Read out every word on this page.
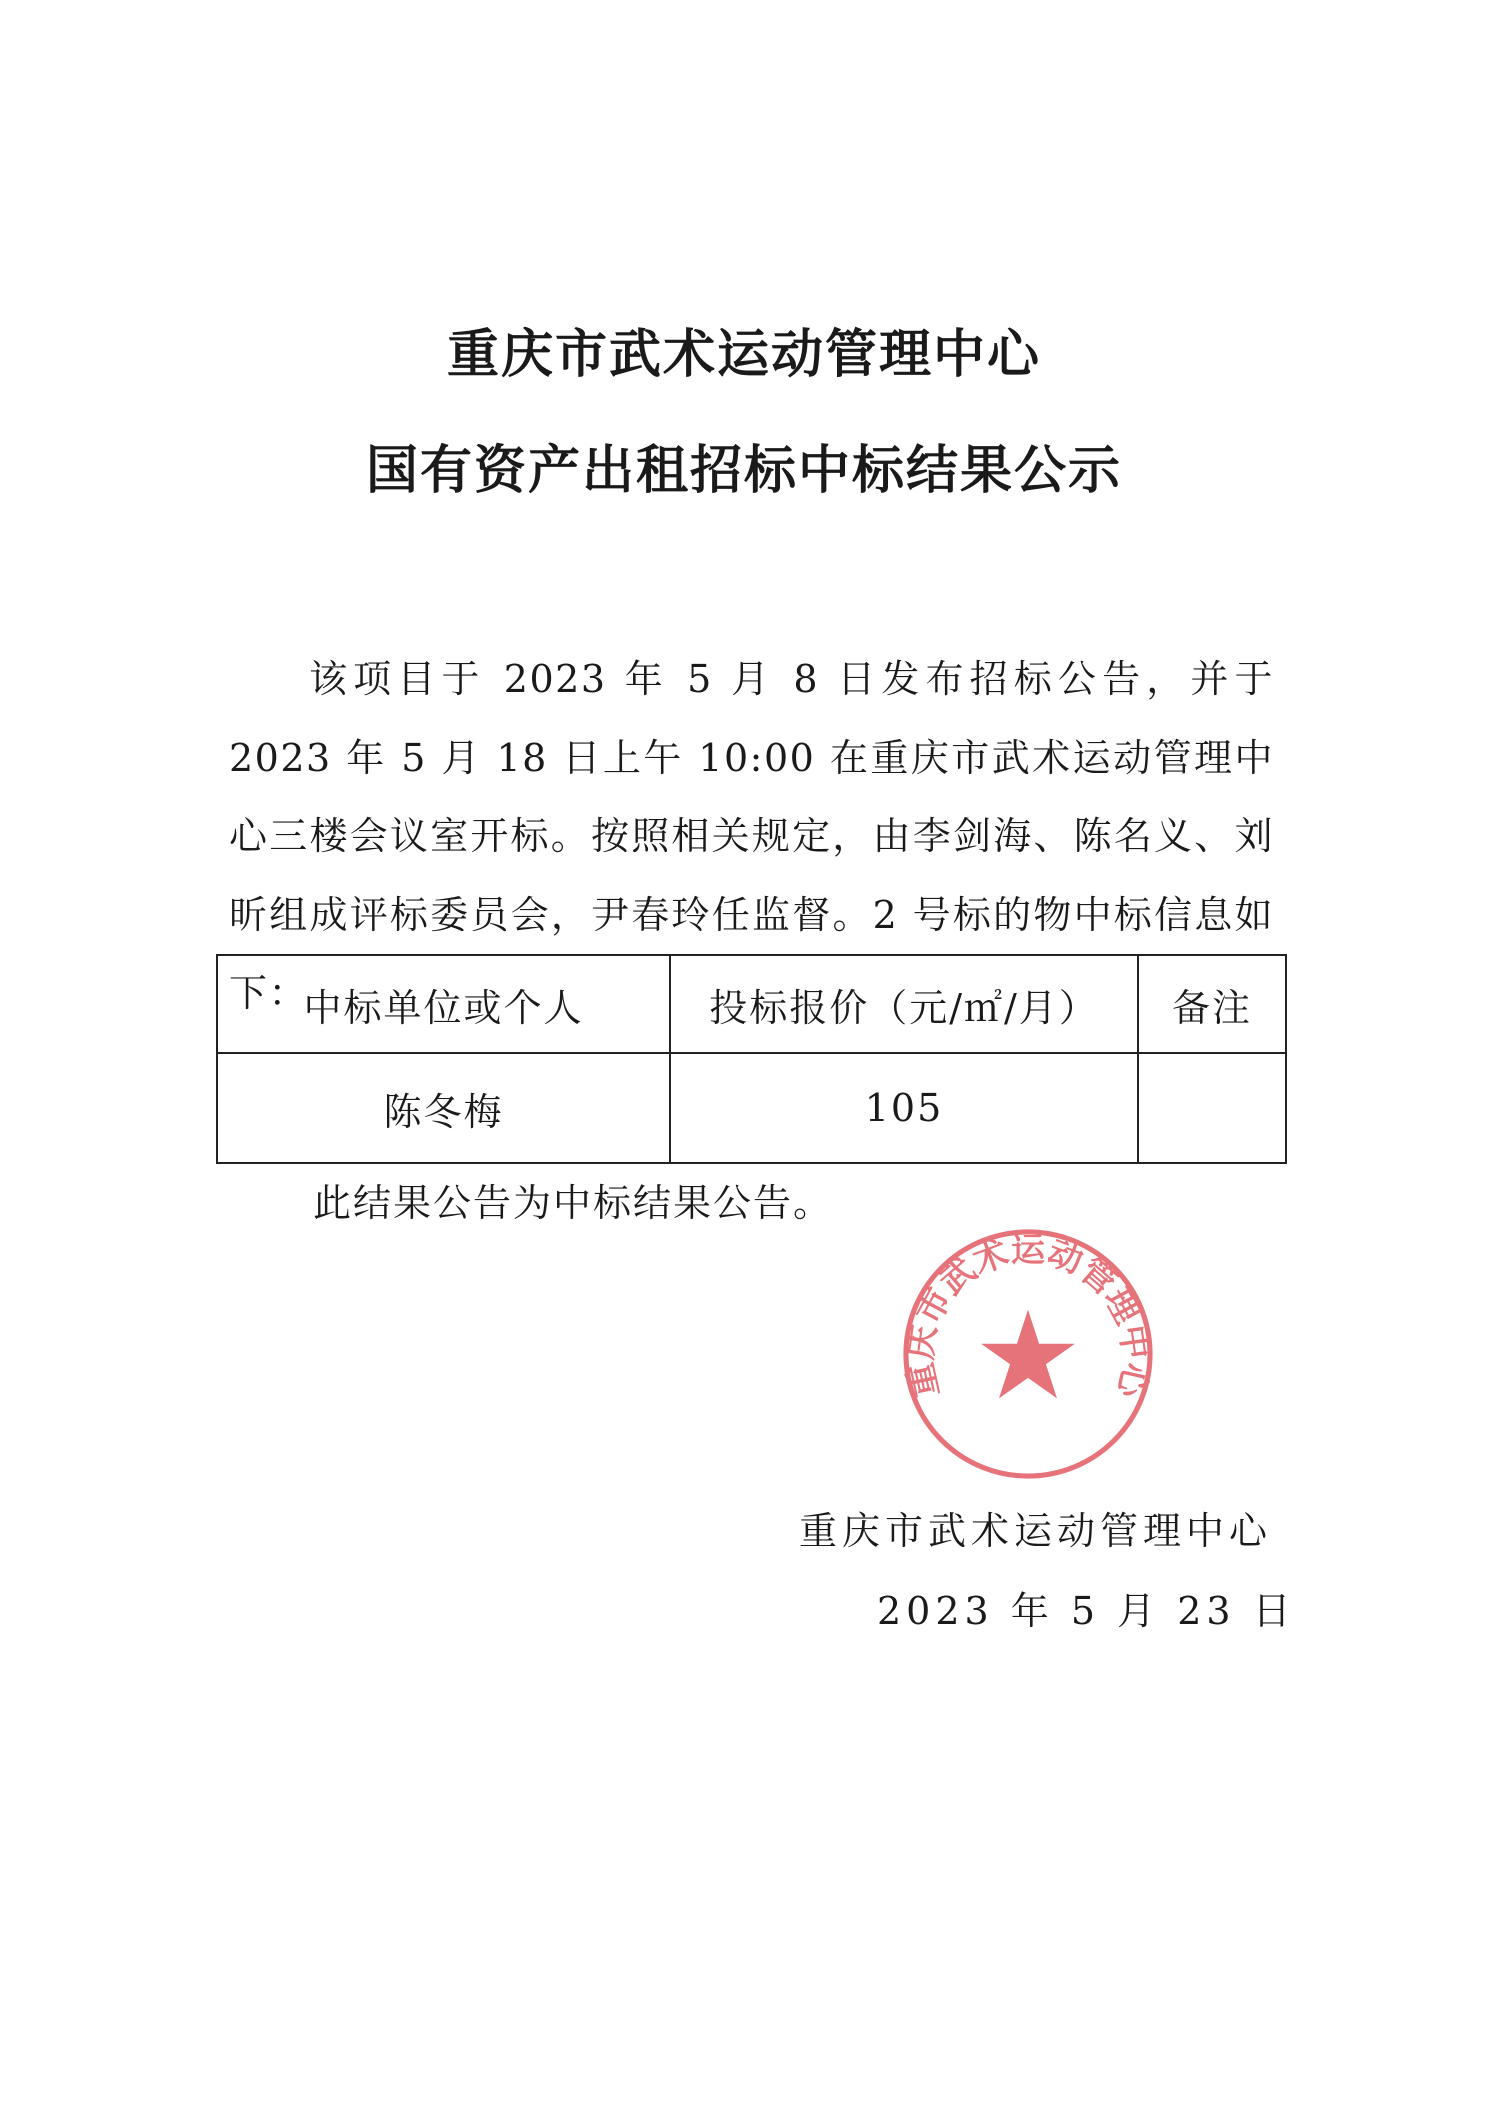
重庆市武术运动管理中心
国有资产出租招标中标结果公示
该项目于 2023 年 5 月 8 日发布招标公告，并于 2023 年 5 月 18 日上午 10:00 在重庆市武术运动管理中心三楼会议室开标。按照相关规定，由李剑海、陈名义、刘昕组成评标委员会，尹春玲任监督。2 号标的物中标信息如下：
中标单位或个人	投标报价（元/㎡/月）	备注
陈冬梅	105	
此结果公告为中标结果公告。
重庆市武术运动管理中心
重庆市武术运动管理中心
2023 年 5 月 23 日
